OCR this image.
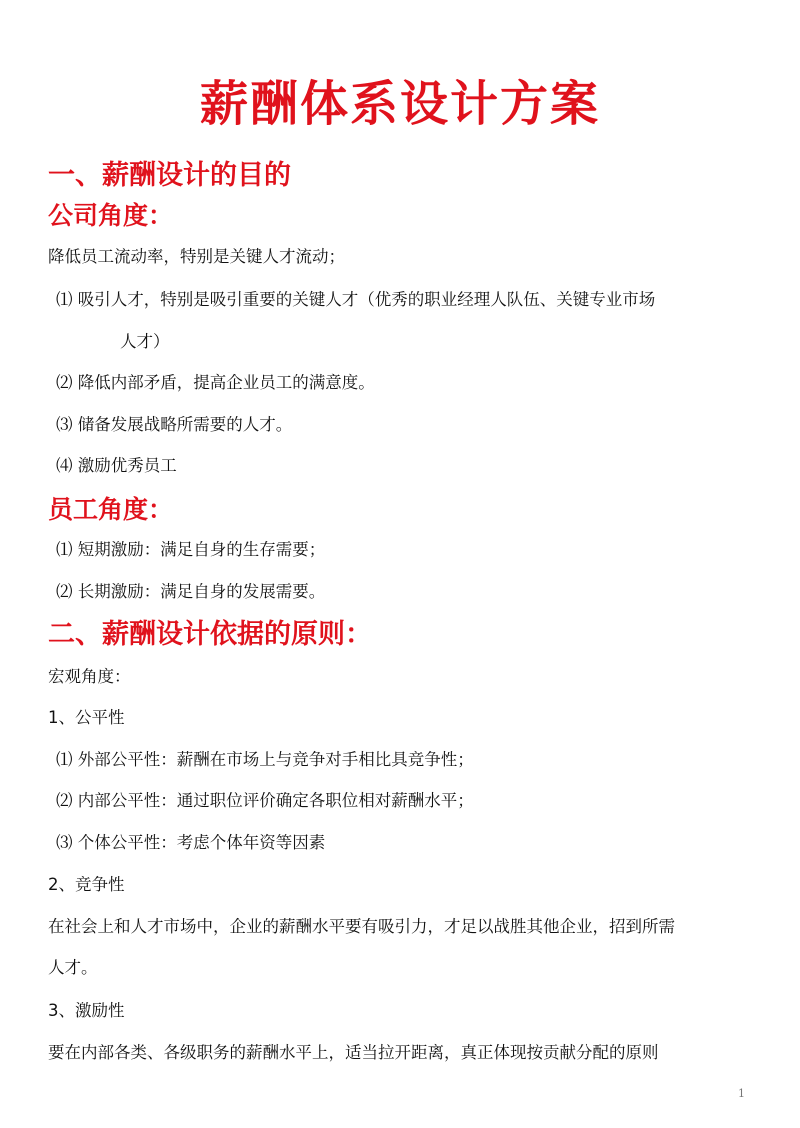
薪酬体系设计方案
一、薪酬设计的目的
公司角度：
降低员工流动率，特别是关键人才流动；
⑴ 吸引人才，特别是吸引重要的关键人才（优秀的职业经理人队伍、关键专业市场
人才）
⑵ 降低内部矛盾，提高企业员工的满意度。
⑶ 储备发展战略所需要的人才。
⑷ 激励优秀员工
员工角度：
⑴ 短期激励：满足自身的生存需要；
⑵ 长期激励：满足自身的发展需要。
二、薪酬设计依据的原则：
宏观角度：
1、公平性
⑴ 外部公平性：薪酬在市场上与竞争对手相比具竞争性；
⑵ 内部公平性：通过职位评价确定各职位相对薪酬水平；
⑶ 个体公平性：考虑个体年资等因素
2、竞争性
在社会上和人才市场中，企业的薪酬水平要有吸引力，才足以战胜其他企业，招到所需
人才。
3、激励性
要在内部各类、各级职务的薪酬水平上，适当拉开距离，真正体现按贡献分配的原则
1
